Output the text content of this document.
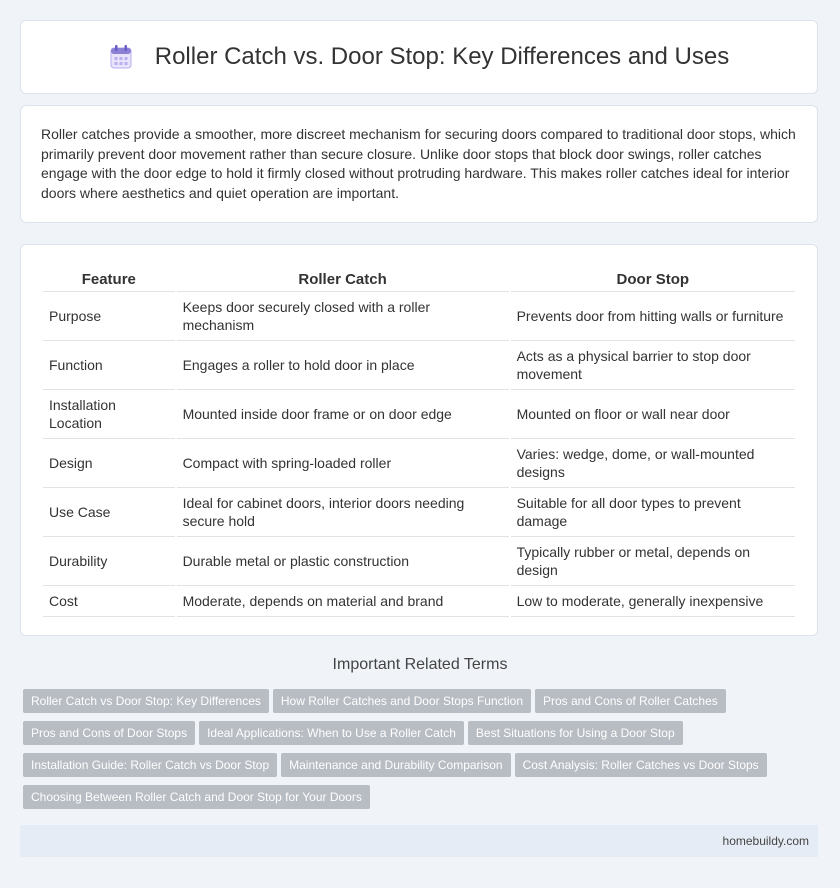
Roller Catch vs. Door Stop: Key Differences and Uses

Roller catches provide a smoother, more discreet mechanism for securing doors compared to traditional door stops, which primarily prevent door movement rather than secure closure. Unlike door stops that block door swings, roller catches engage with the door edge to hold it firmly closed without protruding hardware. This makes roller catches ideal for interior doors where aesthetics and quiet operation are important.

Feature	Roller Catch	Door Stop
Purpose	Keeps door securely closed with a roller mechanism	Prevents door from hitting walls or furniture
Function	Engages a roller to hold door in place	Acts as a physical barrier to stop door movement
Installation Location	Mounted inside door frame or on door edge	Mounted on floor or wall near door
Design	Compact with spring-loaded roller	Varies: wedge, dome, or wall-mounted designs
Use Case	Ideal for cabinet doors, interior doors needing secure hold	Suitable for all door types to prevent damage
Durability	Durable metal or plastic construction	Typically rubber or metal, depends on design
Cost	Moderate, depends on material and brand	Low to moderate, generally inexpensive
Important Related Terms
Roller Catch vs Door Stop: Key Differences How Roller Catches and Door Stops Function Pros and Cons of Roller Catches
Pros and Cons of Door Stops Ideal Applications: When to Use a Roller Catch Best Situations for Using a Door Stop
Installation Guide: Roller Catch vs Door Stop Maintenance and Durability Comparison Cost Analysis: Roller Catches vs Door Stops
Choosing Between Roller Catch and Door Stop for Your Doors
homebuildy.com
